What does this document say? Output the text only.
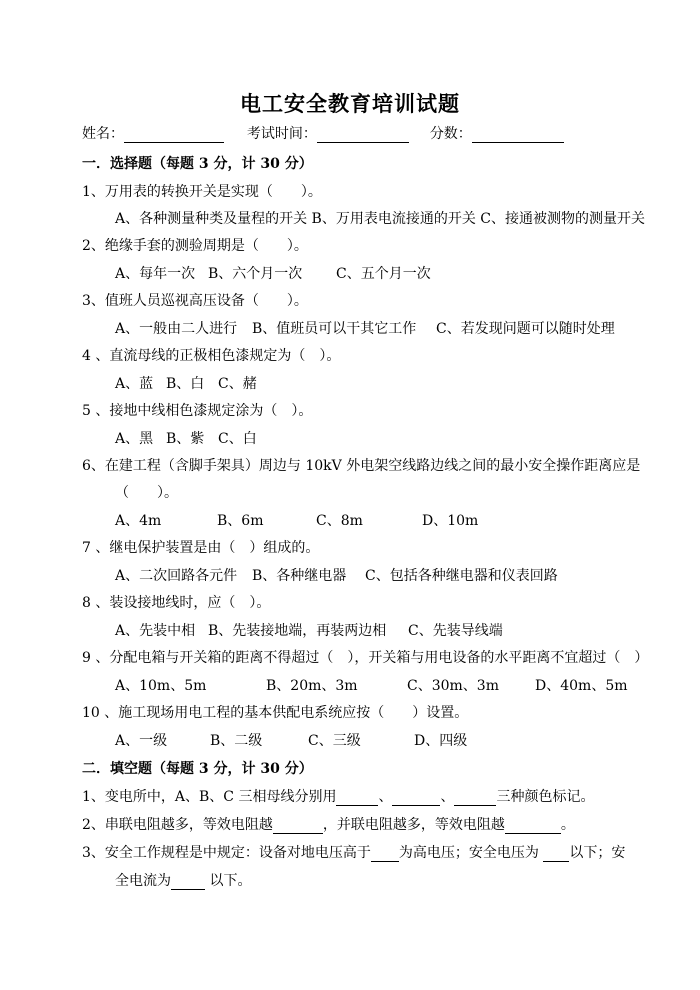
电工安全教育培训试题
姓名：	考试时间：	分数：
一．选择题（每题 3 分，计 30 分）
1、万用表的转换开关是实现（　　）。
A、各种测量种类及量程的开关 B、万用表电流接通的开关 C、接通被测物的测量开关
2、绝缘手套的测验周期是（　　）。
A、每年一次 B、六个月一次 C、五个月一次
3、值班人员巡视高压设备（　　）。
A、一般由二人进行 B、值班员可以干其它工作 C、若发现问题可以随时处理
4 、直流母线的正极相色漆规定为（　）。
A、蓝 B、白 C、赭
5 、接地中线相色漆规定涂为（　）。
A、黑 B、紫 C、白
6、在建工程（含脚手架具）周边与 10kV 外电架空线路边线之间的最小安全操作距离应是
（　　）。
A、4m	B、6m	C、8m	D、10m
7 、继电保护装置是由（　）组成的。
A、二次回路各元件 B、各种继电器 C、包括各种继电器和仪表回路
8 、装设接地线时，应（　）。
A、先装中相 B、先装接地端，再装两边相 C、先装导线端
9 、分配电箱与开关箱的距离不得超过（　），开关箱与用电设备的水平距离不宜超过（　）
A、10m、5m	B、20m、3m	C、30m、3m	D、40m、5m
10 、施工现场用电工程的基本供配电系统应按（　　）设置。
A、一级	B、二级	C、三级	D、四级
二．填空题（每题 3 分，计 30 分）
1、变电所中，A、B、C 三相母线分别用	、	、	三种颜色标记。
2、串联电阻越多，等效电阻越	，并联电阻越多，等效电阻越	。
3、安全工作规程是中规定：设备对地电压高于 为高电压；安全电压为 以下；安
全电流为	以下。
